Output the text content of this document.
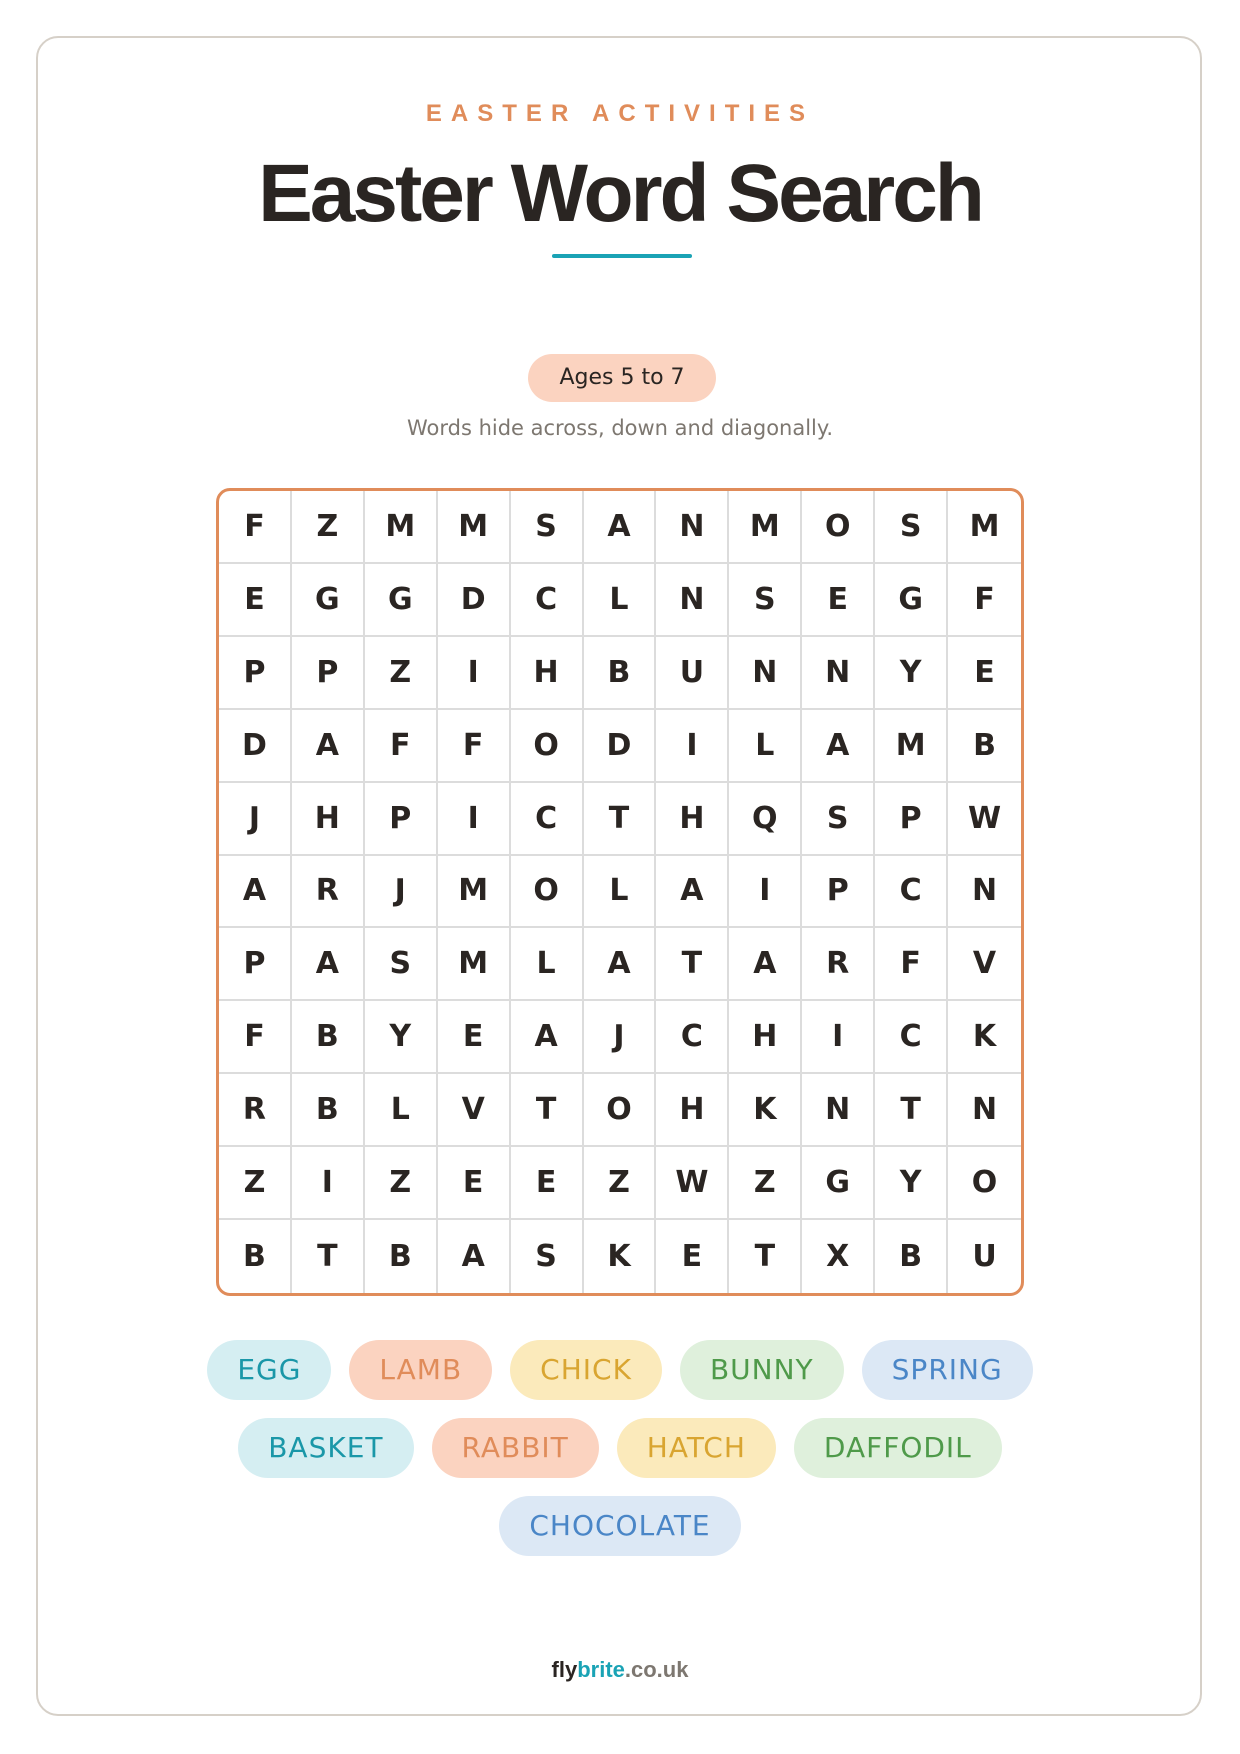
EASTER ACTIVITIES
Easter Word Search
Ages 5 to 7
Words hide across, down and diagonally.
F	Z	M	M	S	A	N	M	O	S	M
E	G	G	D	C	L	N	S	E	G	F
P	P	Z	I	H	B	U	N	N	Y	E
D	A	F	F	O	D	I	L	A	M	B
J	H	P	I	C	T	H	Q	S	P	W
A	R	J	M	O	L	A	I	P	C	N
P	A	S	M	L	A	T	A	R	F	V
F	B	Y	E	A	J	C	H	I	C	K
R	B	L	V	T	O	H	K	N	T	N
Z	I	Z	E	E	Z	W	Z	G	Y	O
B	T	B	A	S	K	E	T	X	B	U
EGG	LAMB	CHICK	BUNNY	SPRING
BASKET	RABBIT	HATCH	DAFFODIL
CHOCOLATE
flybrite.co.uk
